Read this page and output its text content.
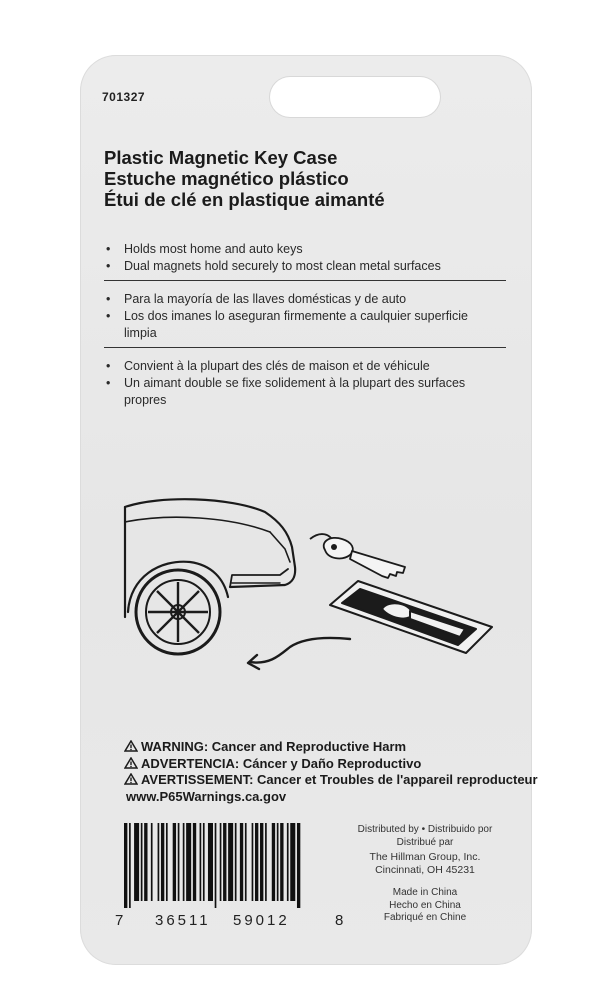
701327
Plastic Magnetic Key Case
Estuche magnético plástico
Étui de clé en plastique aimanté
• Holds most home and auto keys
• Dual magnets hold securely to most clean metal surfaces
• Para la mayoría de las llaves domésticas y de auto
• Los dos imanes lo aseguran firmemente a caulquier superficie limpia
• Convient à la plupart des clés de maison et de véhicule
• Un aimant double se fixe solidement à la plupart des surfaces propres
WARNING: Cancer and Reproductive Harm
ADVERTENCIA: Cáncer y Daño Reproductivo
AVERTISSEMENT: Cancer et Troubles de l'appareil reproducteur
www.P65Warnings.ca.gov
7 36511 59012	8
Distributed by • Distribuido por
Distribué par
The Hillman Group, Inc.
Cincinnati, OH 45231
Made in China
Hecho en China
Fabriqué en Chine
